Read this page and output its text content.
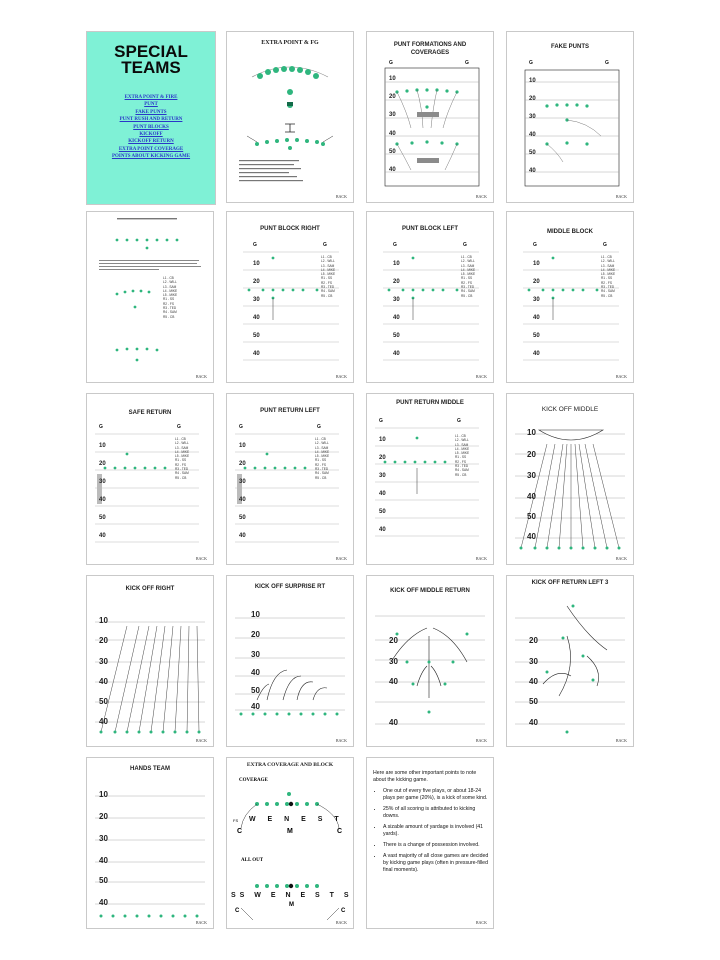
SPECIAL
TEAMS
EXTRA POINT & FIRE
PUNT
FAKE PUNTS
PUNT RUSH AND RETURN
PUNT BLOCKS
KICKOFF
KICKOFF RETURN
EXTRA POINT COVERAGE
POINTS ABOUT KICKING GAME
EXTRA POINT & FG
BACK
PUNT FORMATIONS AND COVERAGES
G	G
10
20
30
40
50
40
BACK
FAKE PUNTS
G	G
10
20
30
40
50
40
BACK
L1 - CB
L2 - WILL
L3 - SAM
L4 - MIKE
L5 - MIKE
R1 - SS
R2 - FS
R3 - TED
R4 - SAM
R5 - CB
BACK
PUNT BLOCK RIGHT
G	G
10
20
30
40
50
40
L1 - CB
L2 - WILL
L3 - SAM
L4 - MIKE
L5 - MIKE
R1 - SS
R2 - FS
R3 - TED
R4 - SAM
R5 - CB
BACK
PUNT BLOCK LEFT
G	G
10
20
30
40
50
40
L1 - CB
L2 - WILL
L3 - SAM
L4 - MIKE
L5 - MIKE
R1 - SS
R2 - FS
R3 - TED
R4 - SAM
R5 - CB
BACK
MIDDLE BLOCK
G	G
10
20
30
40
50
40
L1 - CB
L2 - WILL
L3 - SAM
L4 - MIKE
L5 - MIKE
R1 - SS
R2 - FS
R3 - TED
R4 - SAM
R5 - CB
BACK
SAFE RETURN
G	G
10
20
30
40
50
40
L1 - CB
L2 - WILL
L3 - SAM
L4 - MIKE
L5 - MIKE
R1 - SS
R2 - FS
R3 - TED
R4 - SAM
R5 - CB
BACK
PUNT RETURN LEFT
G	G
10
20
30
40
50
40
L1 - CB
L2 - WILL
L3 - SAM
L4 - MIKE
L5 - MIKE
R1 - SS
R2 - FS
R3 - TED
R4 - SAM
R5 - CB
BACK
PUNT RETURN MIDDLE
G	G
10
20
30
40
50
40
L1 - CB
L2 - WILL
L3 - SAM
L4 - MIKE
L5 - MIKE
R1 - SS
R2 - FS
R3 - TED
R4 - SAM
R5 - CB
BACK
KICK OFF MIDDLE
10
20
30
40
50
40
BACK
KICK OFF RIGHT
10
20
30
40
50
40
BACK
KICK OFF SURPRISE RT
10
20
30
40
50
40
BACK
KICK OFF MIDDLE RETURN
20
30
40
40
BACK
KICK OFF RETURN LEFT 3
20
30
40
50
40
BACK
HANDS TEAM
10
20
30
40
50
40
BACK
EXTRA COVERAGE AND BLOCK
COVERAGE
W E N E S T
FS
C	M	C
ALL OUT
SS W E N E S T S
M
C	C
BACK
Here are some other important points to note about the kicking game.
• One out of every five plays, or about 18-24 plays per game (20%), is a kick of some kind.
• 25% of all scoring is attributed to kicking downs.
• A sizable amount of yardage is involved (41 yards).
• There is a change of possession involved.
• A vast majority of all close games are decided by kicking game plays (often in pressure-filled final moments).
BACK
